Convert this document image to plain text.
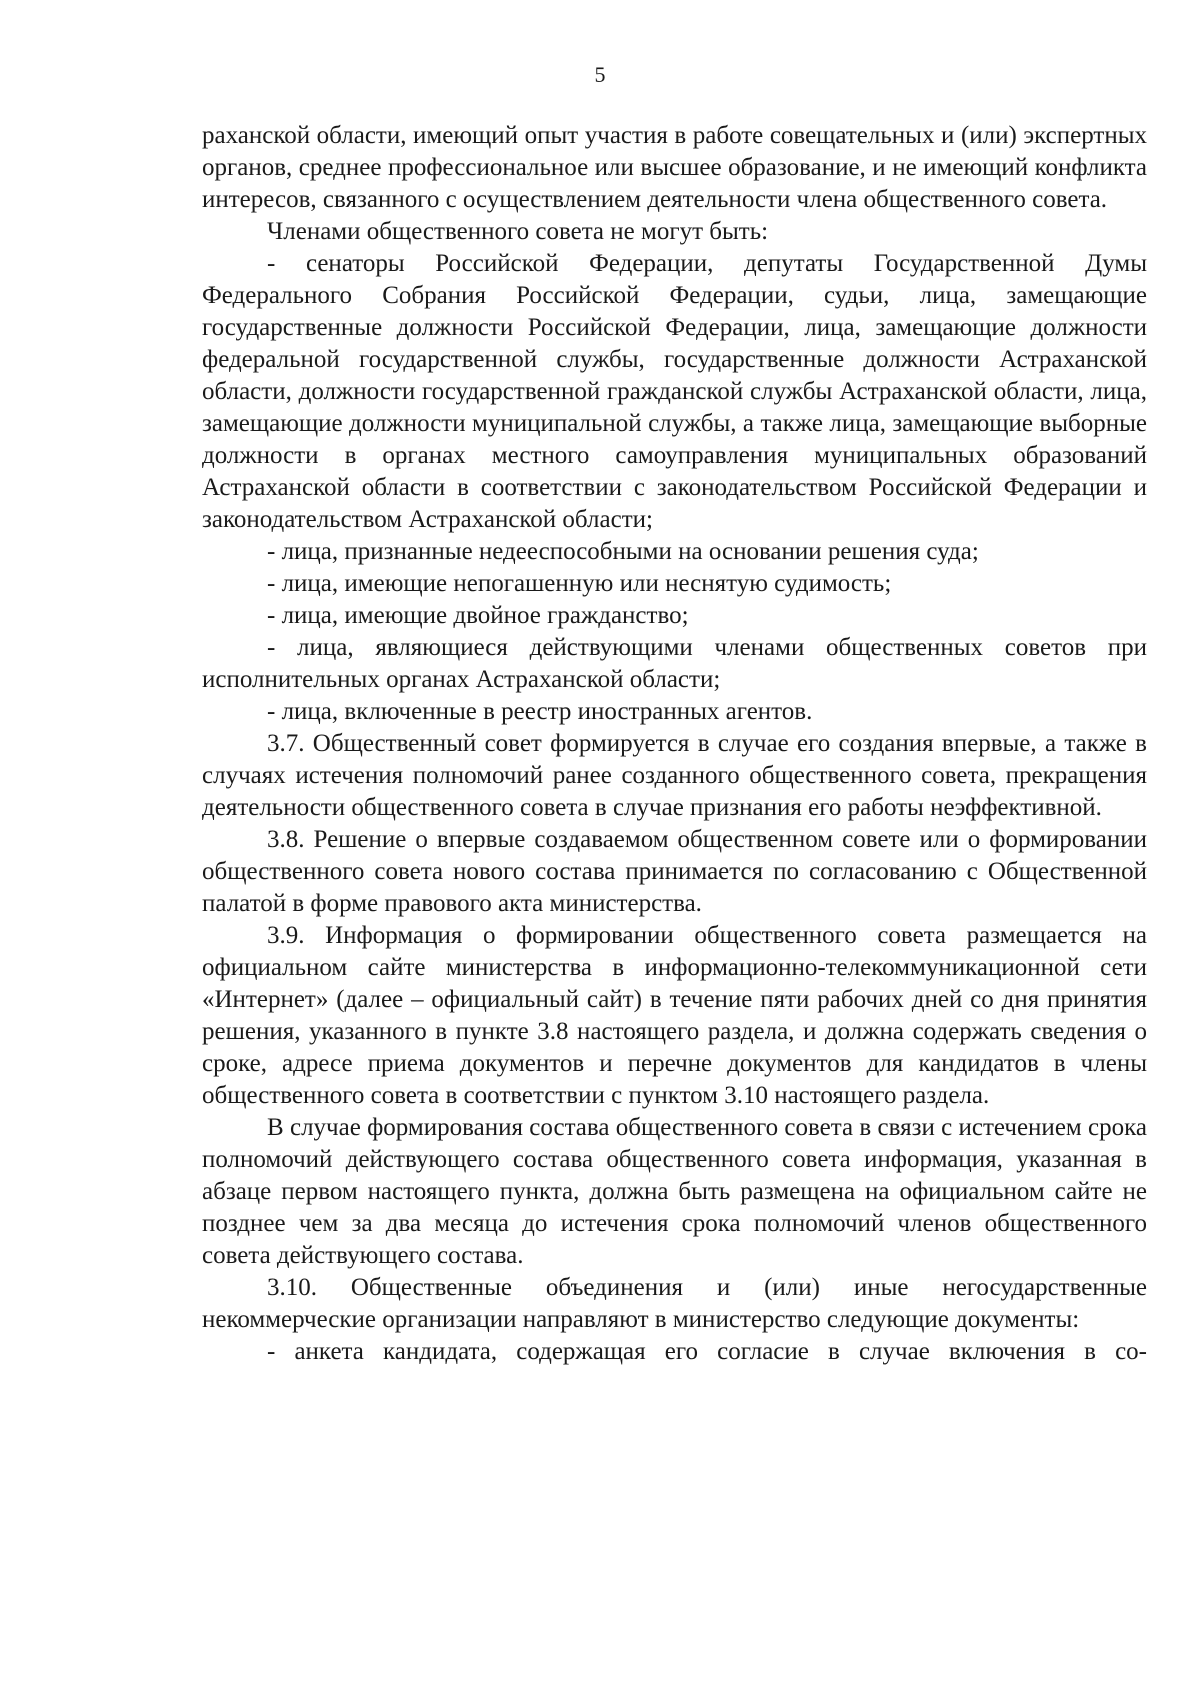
5

раханской области, имеющий опыт участия в работе совещательных и (или) экспертных органов, среднее профессиональное или высшее образование, и не имеющий конфликта интересов, связанного с осуществлением деятельности члена общественного совета.

Членами общественного совета не могут быть:

- сенаторы Российской Федерации, депутаты Государственной Думы Федерального Собрания Российской Федерации, судьи, лица, замещающие государственные должности Российской Федерации, лица, замещающие должности федеральной государственной службы, государственные должности Астраханской области, должности государственной гражданской службы Астраханской области, лица, замещающие должности муниципальной службы, а также лица, замещающие выборные должности в органах местного самоуправления муниципальных образований Астраханской области в соответствии с законодательством Российской Федерации и законодательством Астраханской области;

- лица, признанные недееспособными на основании решения суда;

- лица, имеющие непогашенную или неснятую судимость;

- лица, имеющие двойное гражданство;

- лица, являющиеся действующими членами общественных советов при исполнительных органах Астраханской области;

- лица, включенные в реестр иностранных агентов.

3.7. Общественный совет формируется в случае его создания впервые, а также в случаях истечения полномочий ранее созданного общественного совета, прекращения деятельности общественного совета в случае признания его работы неэффективной.

3.8. Решение о впервые создаваемом общественном совете или о формировании общественного совета нового состава принимается по согласованию с Общественной палатой в форме правового акта министерства.

3.9. Информация о формировании общественного совета размещается на официальном сайте министерства в информационно-телекоммуникационной сети «Интернет» (далее – официальный сайт) в течение пяти рабочих дней со дня принятия решения, указанного в пункте 3.8 настоящего раздела, и должна содержать сведения о сроке, адресе приема документов и перечне документов для кандидатов в члены общественного совета в соответствии с пунктом 3.10 настоящего раздела.

В случае формирования состава общественного совета в связи с истечением срока полномочий действующего состава общественного совета информация, указанная в абзаце первом настоящего пункта, должна быть размещена на официальном сайте не позднее чем за два месяца до истечения срока полномочий членов общественного совета действующего состава.

3.10. Общественные объединения и (или) иные негосударственные некоммерческие организации направляют в министерство следующие документы:

- анкета кандидата, содержащая его согласие в случае включения в со-
